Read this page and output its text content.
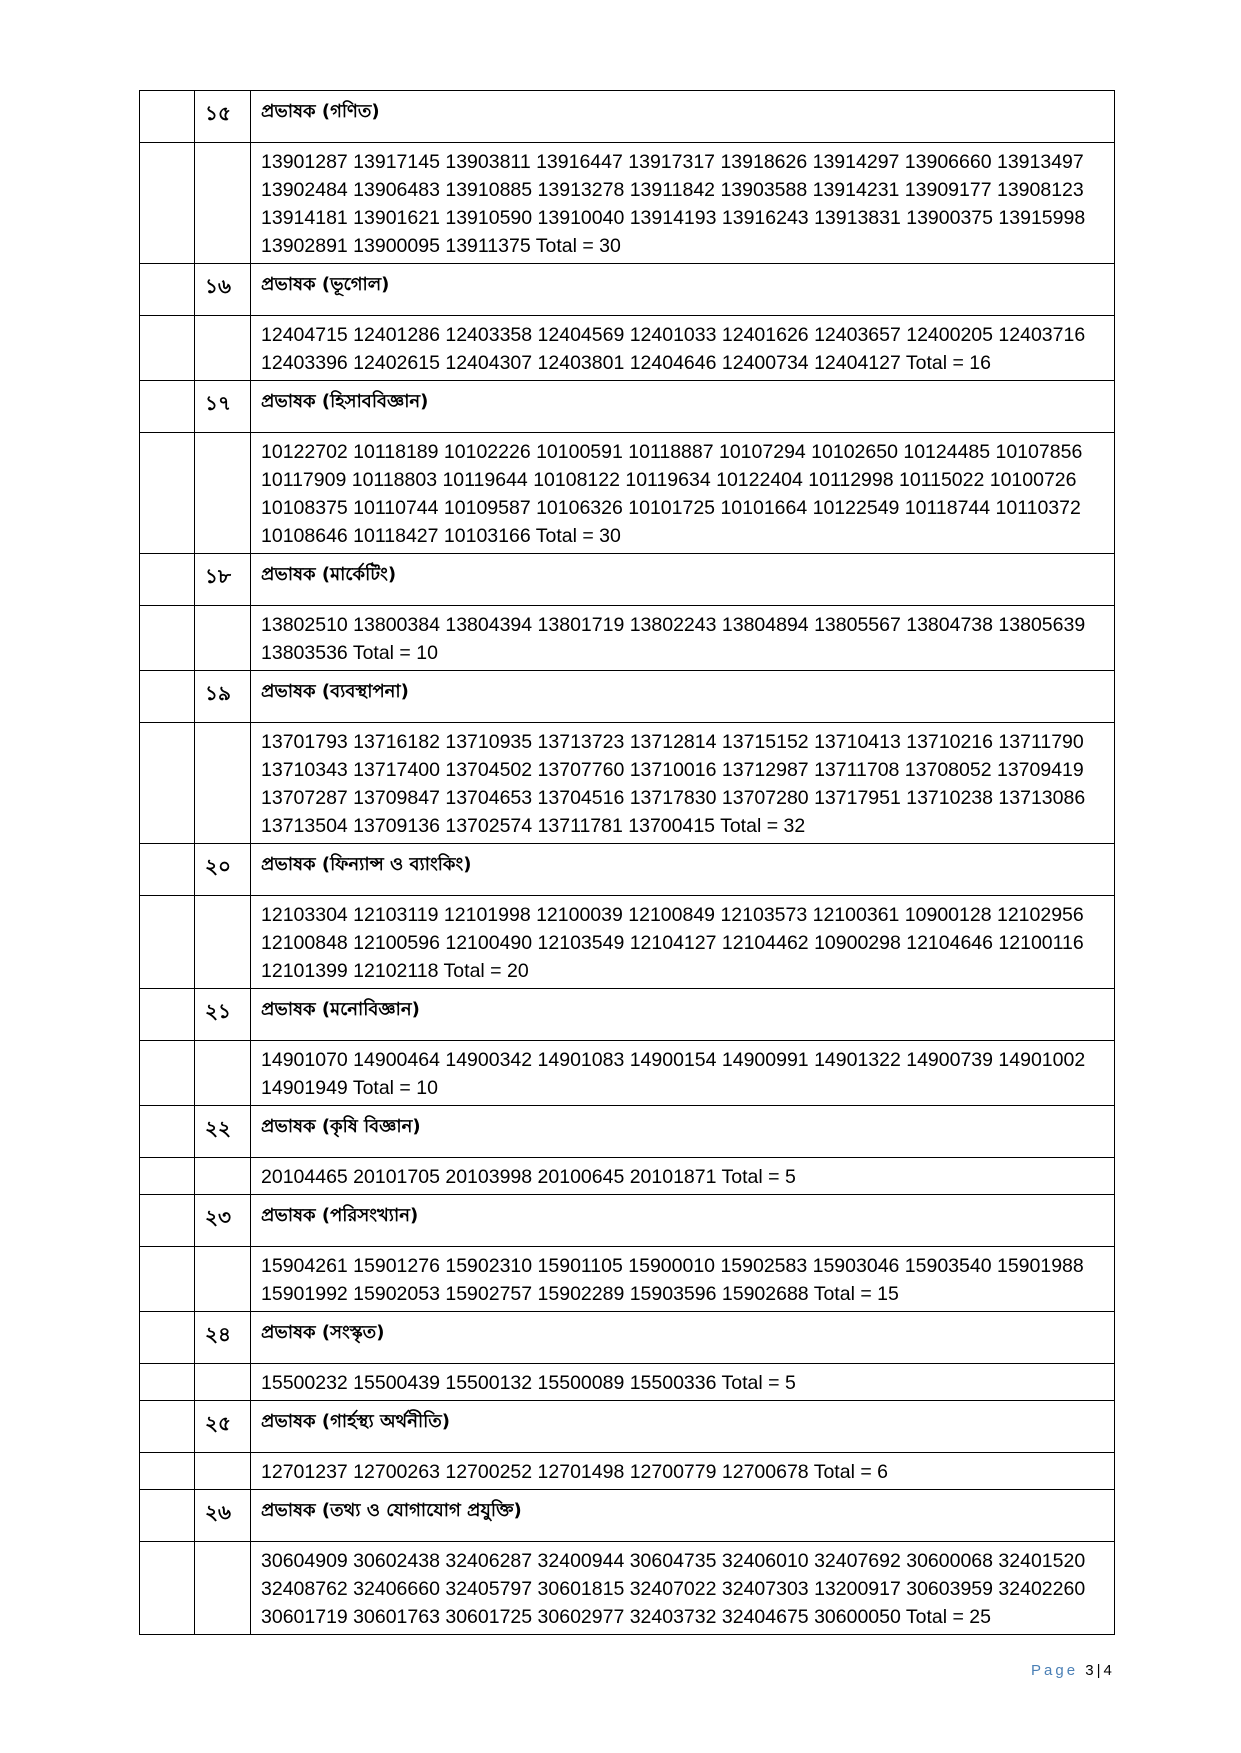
	১৫	প্রভাষক (গণিত)
		13901287 13917145 13903811 13916447 13917317 13918626 13914297 13906660 13913497 13902484 13906483 13910885 13913278 13911842 13903588 13914231 13909177 13908123 13914181 13901621 13910590 13910040 13914193 13916243 13913831 13900375 13915998 13902891 13900095 13911375 Total = 30
	১৬	প্রভাষক (ভূগোল)
		12404715 12401286 12403358 12404569 12401033 12401626 12403657 12400205 12403716 12403396 12402615 12404307 12403801 12404646 12400734 12404127 Total = 16
	১৭	প্রভাষক (হিসাববিজ্ঞান)
		10122702 10118189 10102226 10100591 10118887 10107294 10102650 10124485 10107856 10117909 10118803 10119644 10108122 10119634 10122404 10112998 10115022 10100726 10108375 10110744 10109587 10106326 10101725 10101664 10122549 10118744 10110372 10108646 10118427 10103166 Total = 30
	১৮	প্রভাষক (মার্কেটিং)
		13802510 13800384 13804394 13801719 13802243 13804894 13805567 13804738 13805639 13803536 Total = 10
	১৯	প্রভাষক (ব্যবস্থাপনা)
		13701793 13716182 13710935 13713723 13712814 13715152 13710413 13710216 13711790 13710343 13717400 13704502 13707760 13710016 13712987 13711708 13708052 13709419 13707287 13709847 13704653 13704516 13717830 13707280 13717951 13710238 13713086 13713504 13709136 13702574 13711781 13700415 Total = 32
	২০	প্রভাষক (ফিন্যান্স ও ব্যাংকিং)
		12103304 12103119 12101998 12100039 12100849 12103573 12100361 10900128 12102956 12100848 12100596 12100490 12103549 12104127 12104462 10900298 12104646 12100116 12101399 12102118 Total = 20
	২১	প্রভাষক (মনোবিজ্ঞান)
		14901070 14900464 14900342 14901083 14900154 14900991 14901322 14900739 14901002 14901949 Total = 10
	২২	প্রভাষক (কৃষি বিজ্ঞান)
		20104465 20101705 20103998 20100645 20101871 Total = 5
	২৩	প্রভাষক (পরিসংখ্যান)
		15904261 15901276 15902310 15901105 15900010 15902583 15903046 15903540 15901988 15901992 15902053 15902757 15902289 15903596 15902688 Total = 15
	২৪	প্রভাষক (সংস্কৃত)
		15500232 15500439 15500132 15500089 15500336 Total = 5
	২৫	প্রভাষক (গার্হস্থ্য অর্থনীতি)
		12701237 12700263 12700252 12701498 12700779 12700678 Total = 6
	২৬	প্রভাষক (তথ্য ও যোগাযোগ প্রযুক্তি)
		30604909 30602438 32406287 32400944 30604735 32406010 32407692 30600068 32401520 32408762 32406660 32405797 30601815 32407022 32407303 13200917 30603959 32402260 30601719 30601763 30601725 30602977 32403732 32404675 30600050 Total = 25
Page 3 | 4
